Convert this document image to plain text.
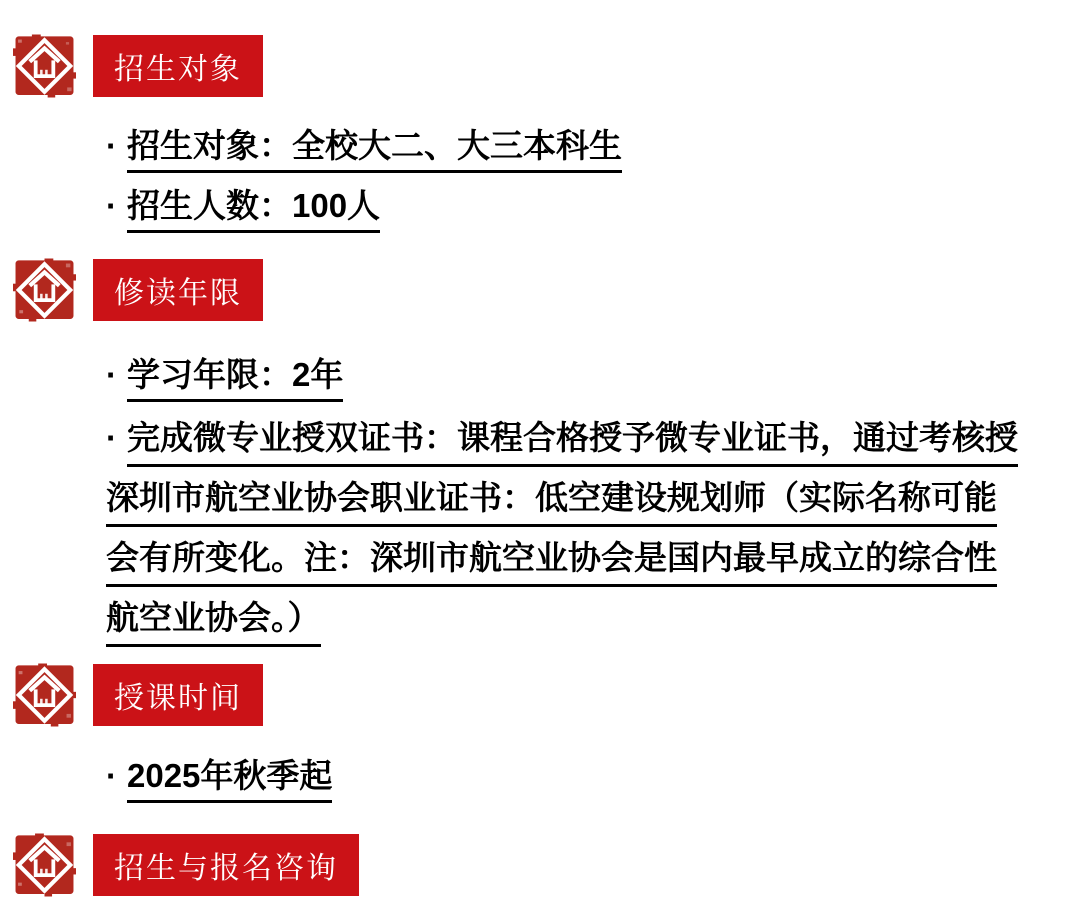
招生对象
· 招生对象：全校大二、大三本科生
· 招生人数：100人
修读年限
· 学习年限：2年
· 完成微专业授双证书：课程合格授予微专业证书，通过考核授
深圳市航空业协会职业证书：低空建设规划师（实际名称可能
会有所变化。注：深圳市航空业协会是国内最早成立的综合性
航空业协会。）
授课时间
· 2025年秋季起
招生与报名咨询
